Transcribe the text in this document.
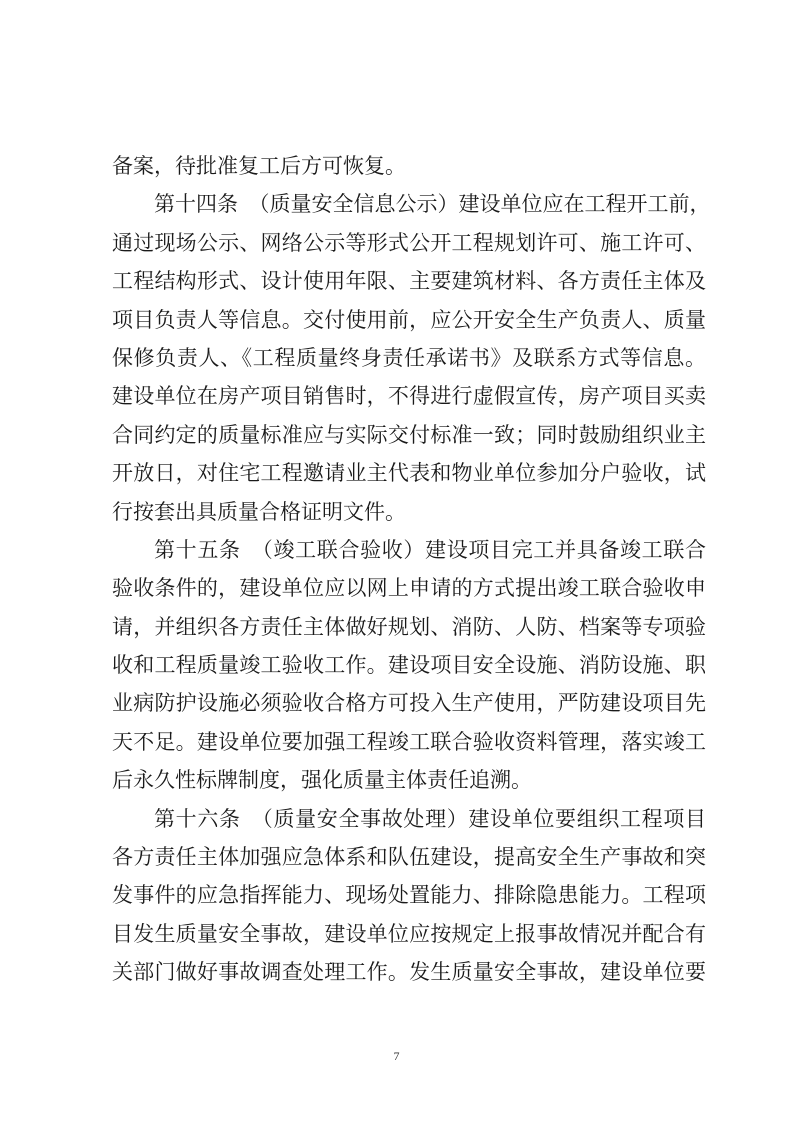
备案，待批准复工后方可恢复。
第十四条　（质量安全信息公示）建设单位应在工程开工前，
通过现场公示、网络公示等形式公开工程规划许可、施工许可、
工程结构形式、设计使用年限、主要建筑材料、各方责任主体及
项目负责人等信息。交付使用前，应公开安全生产负责人、质量
保修负责人、《工程质量终身责任承诺书》及联系方式等信息。
建设单位在房产项目销售时，不得进行虚假宣传，房产项目买卖
合同约定的质量标准应与实际交付标准一致；同时鼓励组织业主
开放日，对住宅工程邀请业主代表和物业单位参加分户验收，试
行按套出具质量合格证明文件。
第十五条　（竣工联合验收）建设项目完工并具备竣工联合
验收条件的，建设单位应以网上申请的方式提出竣工联合验收申
请，并组织各方责任主体做好规划、消防、人防、档案等专项验
收和工程质量竣工验收工作。建设项目安全设施、消防设施、职
业病防护设施必须验收合格方可投入生产使用，严防建设项目先
天不足。建设单位要加强工程竣工联合验收资料管理，落实竣工
后永久性标牌制度，强化质量主体责任追溯。
第十六条　（质量安全事故处理）建设单位要组织工程项目
各方责任主体加强应急体系和队伍建设，提高安全生产事故和突
发事件的应急指挥能力、现场处置能力、排除隐患能力。工程项
目发生质量安全事故，建设单位应按规定上报事故情况并配合有
关部门做好事故调查处理工作。发生质量安全事故，建设单位要
7
